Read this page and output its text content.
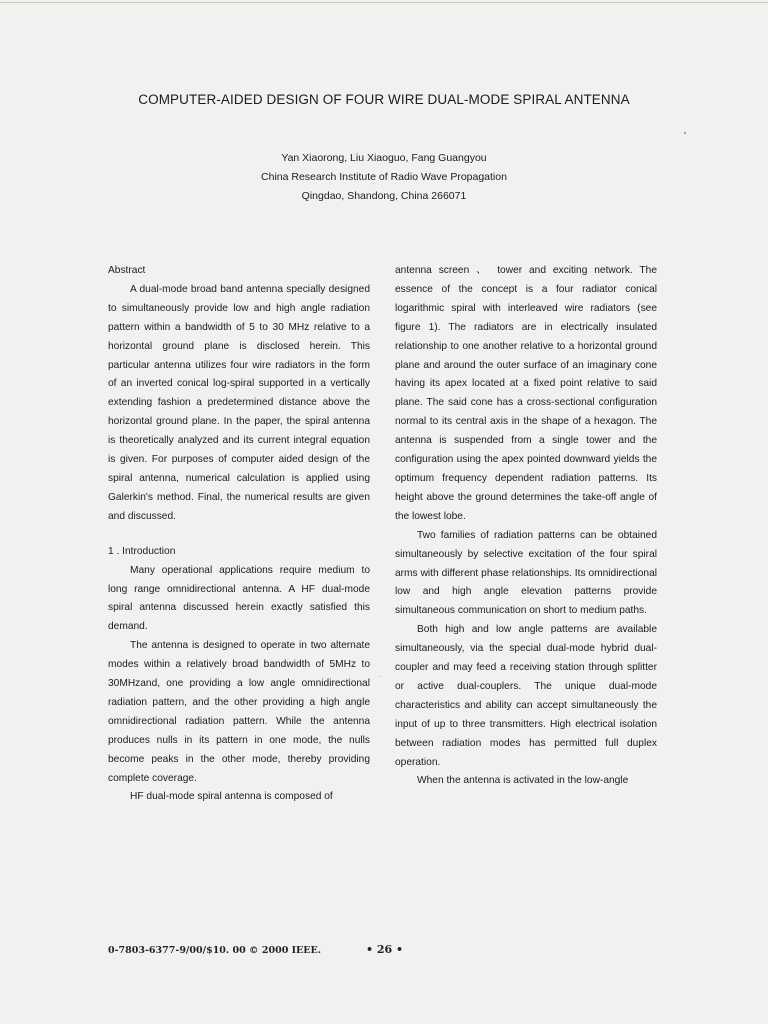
COMPUTER-AIDED DESIGN OF FOUR WIRE DUAL-MODE SPIRAL ANTENNA
Yan Xiaorong, Liu Xiaoguo, Fang Guangyou
China Research Institute of Radio Wave Propagation
Qingdao, Shandong, China 266071

Abstract

A dual-mode broad band antenna specially designed to simultaneously provide low and high angle radiation pattern within a bandwidth of 5 to 30 MHz relative to a horizontal ground plane is disclosed herein. This particular antenna utilizes four wire radiators in the form of an inverted conical log-spiral supported in a vertically extending fashion a predetermined distance above the horizontal ground plane. In the paper, the spiral antenna is theoretically analyzed and its current integral equation is given. For purposes of computer aided design of the spiral antenna, numerical calculation is applied using Galerkin's method. Final, the numerical results are given and discussed.

1 . Introduction

Many operational applications require medium to long range omnidirectional antenna. A HF dual-mode spiral antenna discussed herein exactly satisfied this demand.

The antenna is designed to operate in two alternate modes within a relatively broad bandwidth of 5MHz to 30MHzand, one providing a low angle omnidirectional radiation pattern, and the other providing a high angle omnidirectional radiation pattern. While the antenna produces nulls in its pattern in one mode, the nulls become peaks in the other mode, thereby providing complete coverage.

HF dual-mode spiral antenna is composed of

antenna screen 、 tower and exciting network. The essence of the concept is a four radiator conical logarithmic spiral with interleaved wire radiators (see figure 1). The radiators are in electrically insulated relationship to one another relative to a horizontal ground plane and around the outer surface of an imaginary cone having its apex located at a fixed point relative to said plane. The said cone has a cross-sectional configuration normal to its central axis in the shape of a hexagon. The antenna is suspended from a single tower and the configuration using the apex pointed downward yields the optimum frequency dependent radiation patterns. Its height above the ground determines the take-off angle of the lowest lobe.

Two families of radiation patterns can be obtained simultaneously by selective excitation of the four spiral arms with different phase relationships. Its omnidirectional low and high angle elevation patterns provide simultaneous communication on short to medium paths.

Both high and low angle patterns are available simultaneously, via the special dual-mode hybrid dual-coupler and may feed a receiving station through splitter or active dual-couplers. The unique dual-mode characteristics and ability can accept simultaneously the input of up to three transmitters. High electrical isolation between radiation modes has permitted full duplex operation.

When the antenna is activated in the low-angle

0-7803-6377-9/00/$10. 00 © 2000 IEEE.	• 26 •
